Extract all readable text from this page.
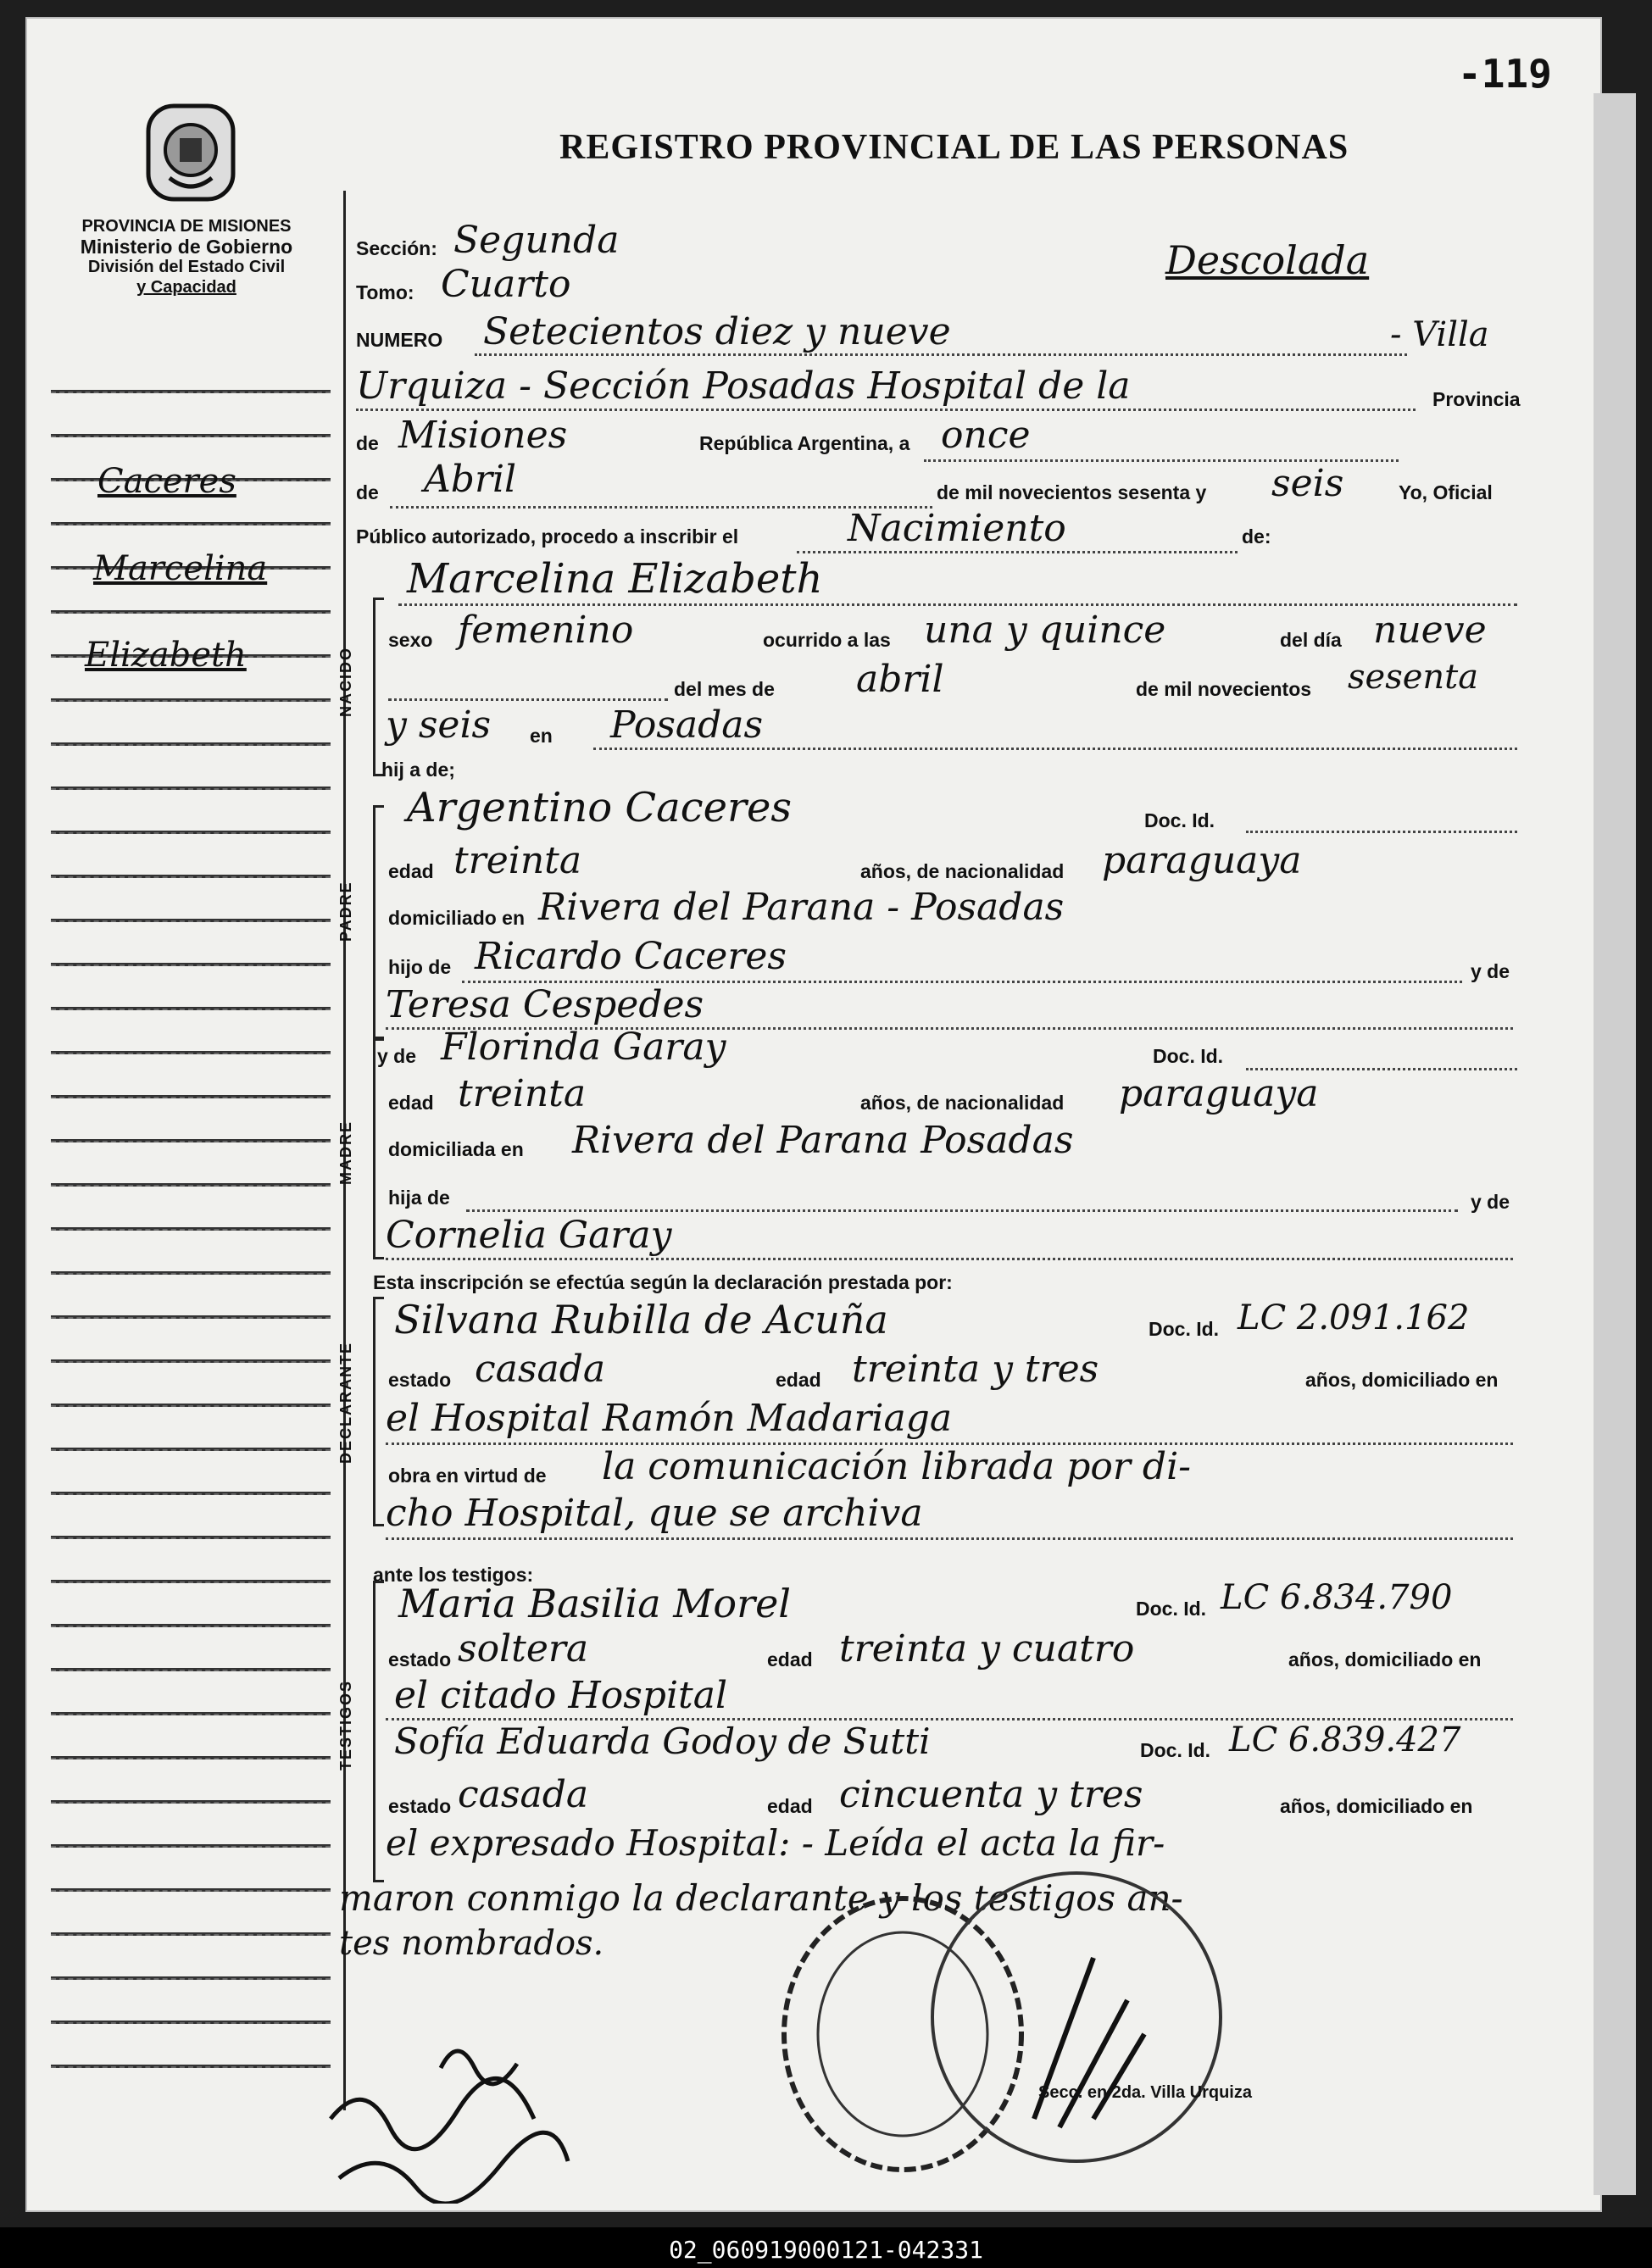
-119
PROVINCIA DE MISIONES
Ministerio de Gobierno
División del Estado Civil
y Capacidad
REGISTRO PROVINCIAL DE LAS PERSONAS
Descolada
Caceres
Marcelina
Elizabeth
Sección: Segunda
Tomo: Cuarto
NUMERO Setecientos diez y nueve	- Villa
Urquiza - Sección Posadas Hospital de la	Provincia
de Misiones	República Argentina, a once
de Abril	de mil novecientos sesenta y seis	Yo, Oficial
Público autorizado, procedo a inscribir el	Nacimiento	de:
Marcelina Elizabeth
NACIDO
sexo femenino	ocurrido a las una y quince	del día nueve
del mes de abril	de mil novecientos sesenta
y seis en Posadas
hij a de;
PADRE
Argentino Caceres	Doc. Id.
edad treinta	años, de nacionalidad paraguaya
domiciliado en Rivera del Parana - Posadas
hijo de Ricardo Caceres	y de
Teresa Cespedes
MADRE
y de Florinda Garay	Doc. Id.
edad treinta	años, de nacionalidad paraguaya
domiciliada en Rivera del Parana Posadas
hija de	y de
Cornelia Garay
Esta inscripción se efectúa según la declaración prestada por:
DECLARANTE
Silvana Rubilla de Acuña	Doc. Id. LC 2.091.162
estado casada	edad treinta y tres	años, domiciliado en
el Hospital Ramón Madariaga
obra en virtud de la comunicación librada por di-
cho Hospital, que se archiva
ante los testigos:
TESTIGOS
Maria Basilia Morel	Doc. Id. LC 6.834.790
estado soltera	edad treinta y cuatro	años, domiciliado en
el citado Hospital
Sofía Eduarda Godoy de Sutti	Doc. Id. LC 6.839.427
estado casada	edad cincuenta y tres	años, domiciliado en
el expresado Hospital: - Leída el acta la fir-
maron conmigo la declarante y los testigos an-
tes nombrados.
Secc. en 2da. Villa Urquiza
02_060919000121-042331
